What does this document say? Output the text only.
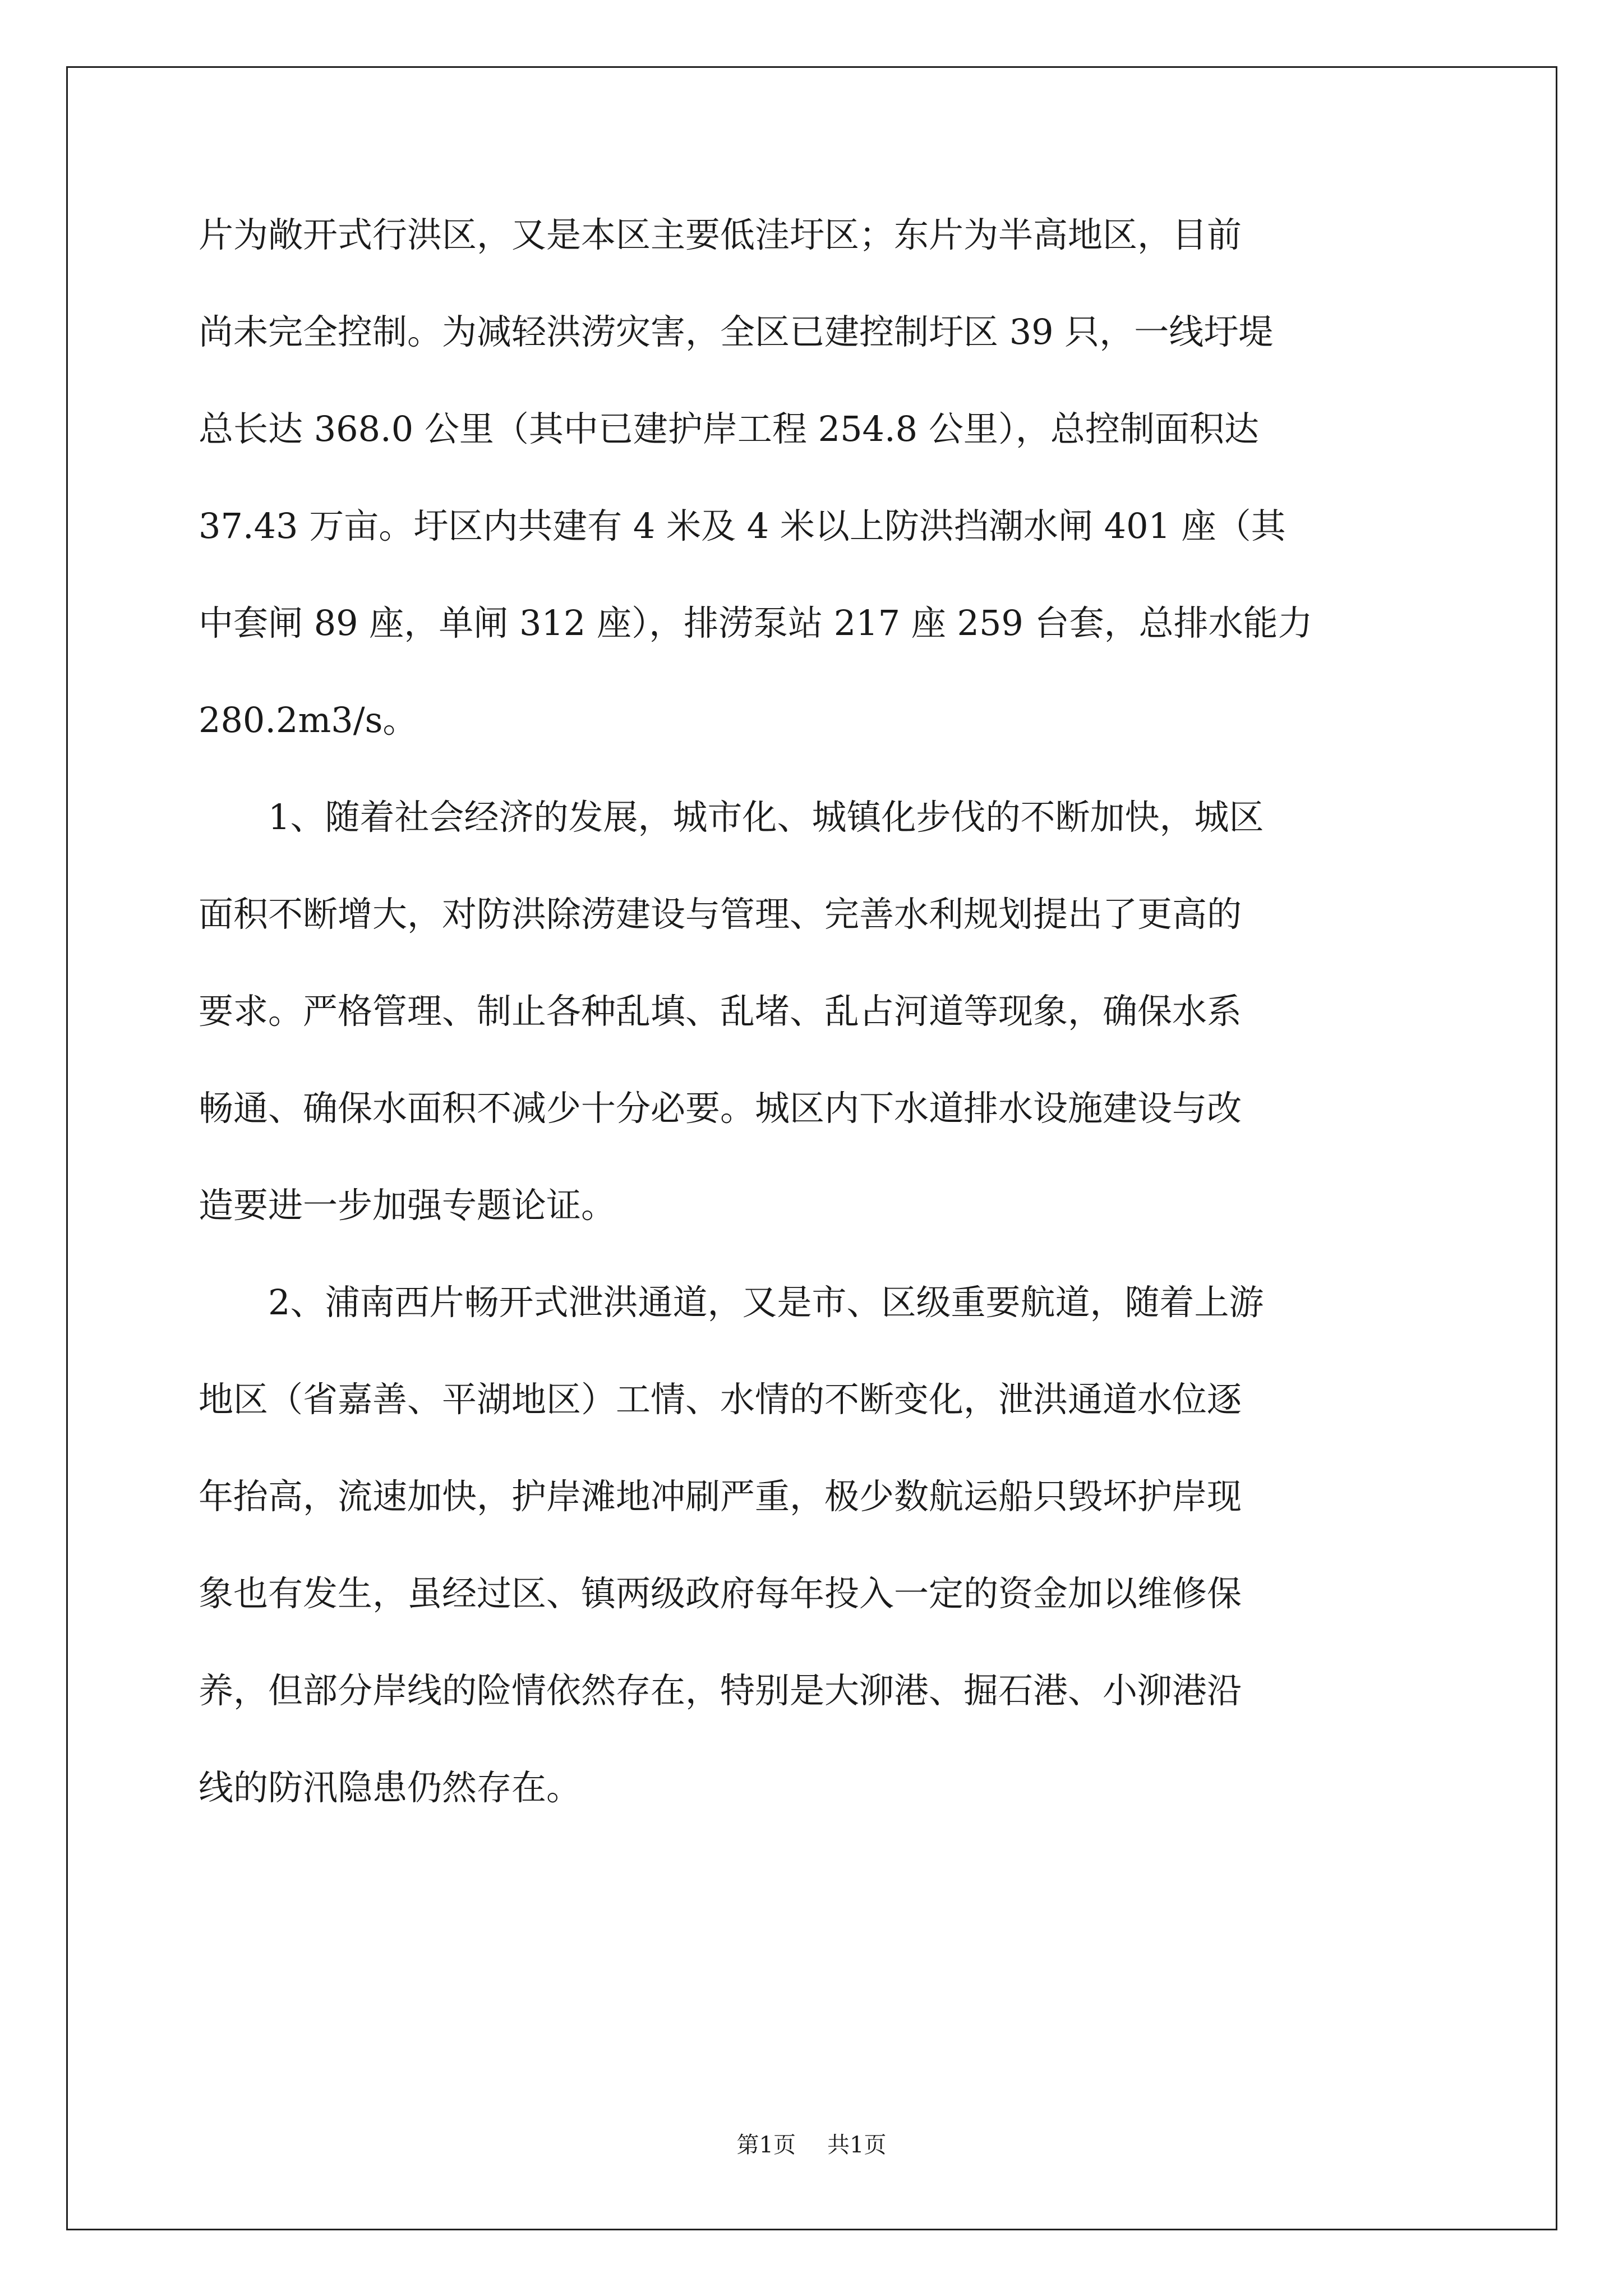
片为敞开式行洪区，又是本区主要低洼圩区；东片为半高地区，目前
尚未完全控制。为减轻洪涝灾害，全区已建控制圩区 39 只，一线圩堤
总长达 368.0 公里（其中已建护岸工程 254.8 公里），总控制面积达
37.43 万亩。圩区内共建有 4 米及 4 米以上防洪挡潮水闸 401 座（其
中套闸 89 座，单闸 312 座），排涝泵站 217 座 259 台套，总排水能力
280.2m3/s。
1、随着社会经济的发展，城市化、城镇化步伐的不断加快，城区
面积不断增大，对防洪除涝建设与管理、完善水利规划提出了更高的
要求。严格管理、制止各种乱填、乱堵、乱占河道等现象，确保水系
畅通、确保水面积不减少十分必要。城区内下水道排水设施建设与改
造要进一步加强专题论证。
2、浦南西片畅开式泄洪通道，又是市、区级重要航道，随着上游
地区（省嘉善、平湖地区）工情、水情的不断变化，泄洪通道水位逐
年抬高，流速加快，护岸滩地冲刷严重，极少数航运船只毁坏护岸现
象也有发生，虽经过区、镇两级政府每年投入一定的资金加以维修保
养，但部分岸线的险情依然存在，特别是大泖港、掘石港、小泖港沿
线的防汛隐患仍然存在。
第1页 共1页
